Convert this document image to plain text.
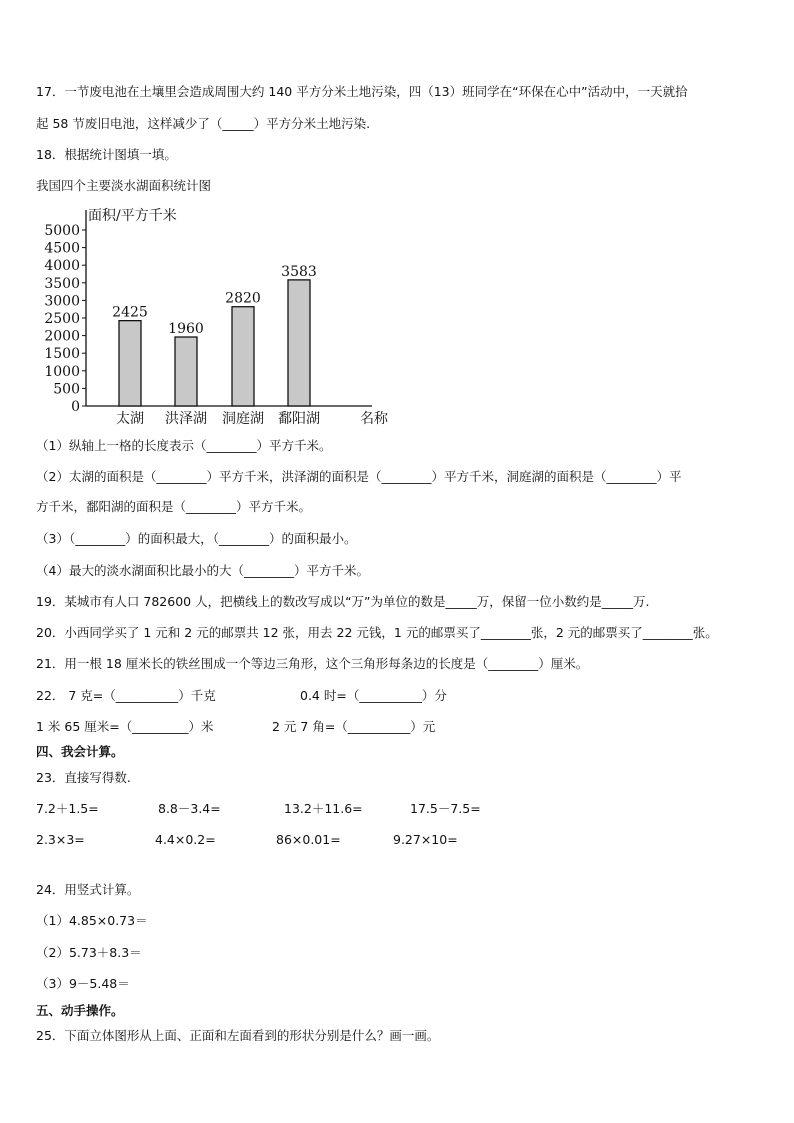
17．一节废电池在土壤里会造成周围大约 140 平方分米土地污染，四（13）班同学在“环保在心中”活动中，一天就拾
起 58 节废旧电池，这样减少了（_____）平方分米土地污染.
18．根据统计图填一填。
我国四个主要淡水湖面积统计图
面积/平方千米
0
500
1000
1500
2000
2500
3000
3500
4000
4500
5000
2425
太湖
1960
洪泽湖
2820
洞庭湖
3583
鄱阳湖	名称
（1）纵轴上一格的长度表示（________）平方千米。
（2）太湖的面积是（________）平方千米，洪泽湖的面积是（________）平方千米，洞庭湖的面积是（________）平
方千米，鄱阳湖的面积是（________）平方千米。
（3）（________）的面积最大，（________）的面积最小。
（4）最大的淡水湖面积比最小的大（________）平方千米。
19．某城市有人口 782600 人，把横线上的数改写成以“万”为单位的数是_____万，保留一位小数约是_____万.
20．小西同学买了 1 元和 2 元的邮票共 12 张，用去 22 元钱，1 元的邮票买了________张，2 元的邮票买了________张。
21．用一根 18 厘米长的铁丝围成一个等边三角形，这个三角形每条边的长度是（________）厘米。
22． 7 克=（__________）千克	0.4 时=（__________）分
1 米 65 厘米=（_________）米	2 元 7 角=（__________）元
四、我会计算。
23．直接写得数.
7.2＋1.5=	8.8－3.4=	13.2＋11.6=	17.5－7.5=
2.3×3=	4.4×0.2=	86×0.01=	9.27×10=
24．用竖式计算。
（1）4.85×0.73＝
（2）5.73＋8.3＝
（3）9－5.48＝
五、动手操作。
25．下面立体图形从上面、正面和左面看到的形状分别是什么？画一画。
